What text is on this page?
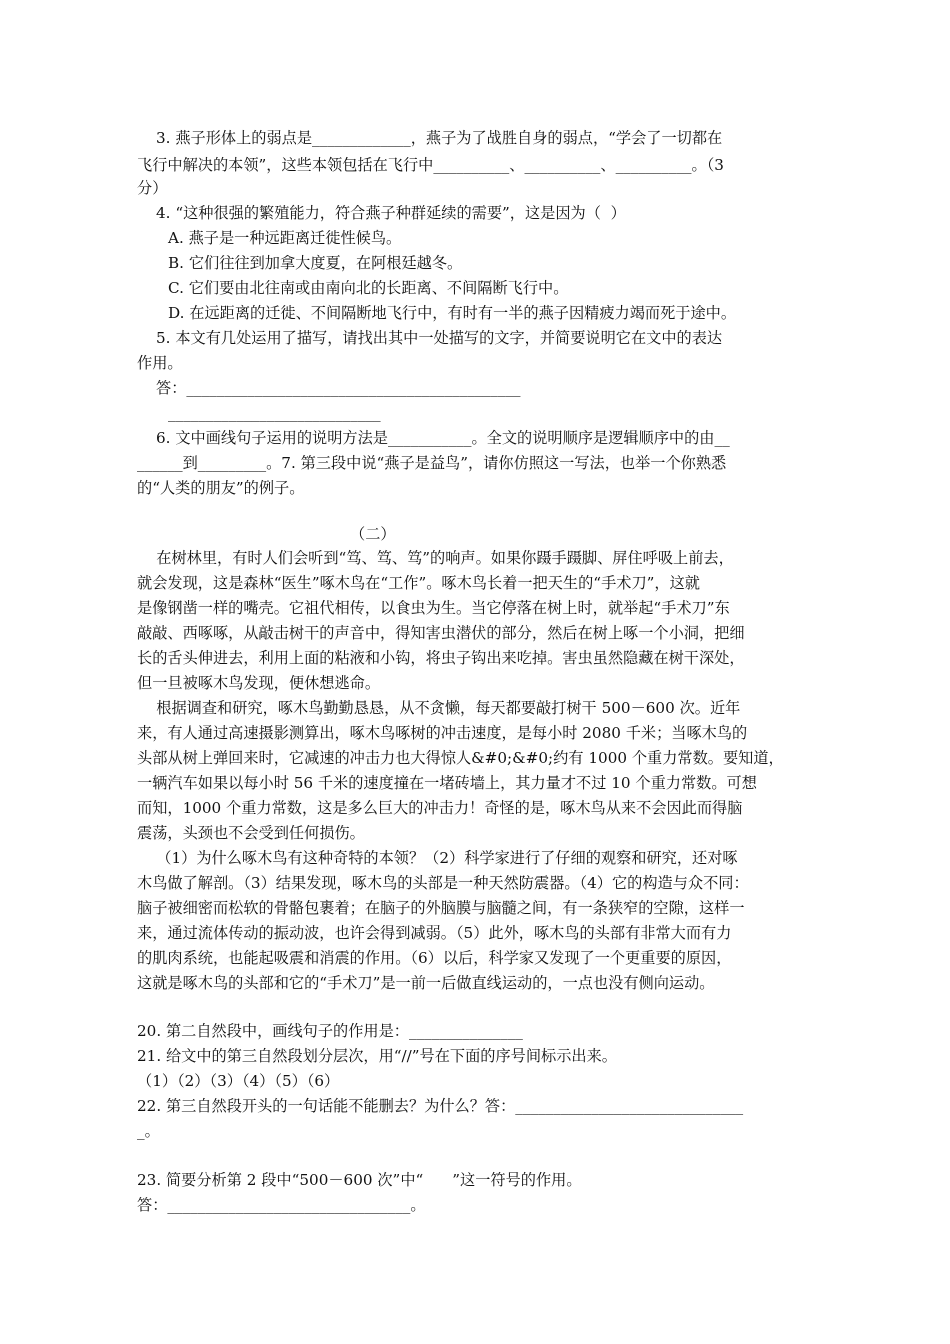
3. 燕子形体上的弱点是_____________，燕子为了战胜自身的弱点，“学会了一切都在
飞行中解决的本领”，这些本领包括在飞行中__________、__________、__________。（3
分）
4. “这种很强的繁殖能力，符合燕子种群延续的需要”，这是因为（  ）
A. 燕子是一种远距离迁徙性候鸟。
B. 它们往往到加拿大度夏，在阿根廷越冬。
C. 它们要由北往南或由南向北的长距离、不间隔断飞行中。
D. 在远距离的迁徙、不间隔断地飞行中，有时有一半的燕子因精疲力竭而死于途中。
5. 本文有几处运用了描写，请找出其中一处描写的文字，并简要说明它在文中的表达
作用。
答：____________________________________________
____________________________
6. 文中画线句子运用的说明方法是___________。全文的说明顺序是逻辑顺序中的由__
______到_________。7. 第三段中说“燕子是益鸟”，请你仿照这一写法，也举一个你熟悉
的“人类的朋友”的例子。
（二）
在树林里，有时人们会听到“笃、笃、笃”的响声。如果你蹑手蹑脚、屏住呼吸上前去，
就会发现，这是森林“医生”啄木鸟在“工作”。啄木鸟长着一把天生的“手术刀”，这就
是像钢凿一样的嘴壳。它祖代相传，以食虫为生。当它停落在树上时，就举起“手术刀”东
敲敲、西啄啄，从敲击树干的声音中，得知害虫潜伏的部分，然后在树上啄一个小洞，把细
长的舌头伸进去，利用上面的粘液和小钩，将虫子钩出来吃掉。害虫虽然隐藏在树干深处，
但一旦被啄木鸟发现，便休想逃命。
根据调查和研究，啄木鸟勤勤恳恳，从不贪懒，每天都要敲打树干 500－600 次。近年
来，有人通过高速摄影测算出，啄木鸟啄树的冲击速度，是每小时 2080 千米；当啄木鸟的
头部从树上弹回来时，它减速的冲击力也大得惊人&#0;&#0;约有 1000 个重力常数。要知道，
一辆汽车如果以每小时 56 千米的速度撞在一堵砖墙上，其力量才不过 10 个重力常数。可想
而知，1000 个重力常数，这是多么巨大的冲击力！奇怪的是，啄木鸟从来不会因此而得脑
震荡，头颈也不会受到任何损伤。
（1）为什么啄木鸟有这种奇特的本领？（2）科学家进行了仔细的观察和研究，还对啄
木鸟做了解剖。（3）结果发现，啄木鸟的头部是一种天然防震器。（4）它的构造与众不同：
脑子被细密而松软的骨骼包裹着；在脑子的外脑膜与脑髓之间，有一条狭窄的空隙，这样一
来，通过流体传动的振动波，也许会得到减弱。（5）此外，啄木鸟的头部有非常大而有力
的肌肉系统，也能起吸震和消震的作用。（6）以后，科学家又发现了一个更重要的原因，
这就是啄木鸟的头部和它的“手术刀”是一前一后做直线运动的，一点也没有侧向运动。
20. 第二自然段中，画线句子的作用是：_______________
21. 给文中的第三自然段划分层次，用“//”号在下面的序号间标示出来。
（1）（2）（3）（4）（5）（6）
22. 第三自然段开头的一句话能不能删去？为什么？答：______________________________
_。
23. 简要分析第 2 段中“500－600 次”中“      ”这一符号的作用。
答：________________________________。
